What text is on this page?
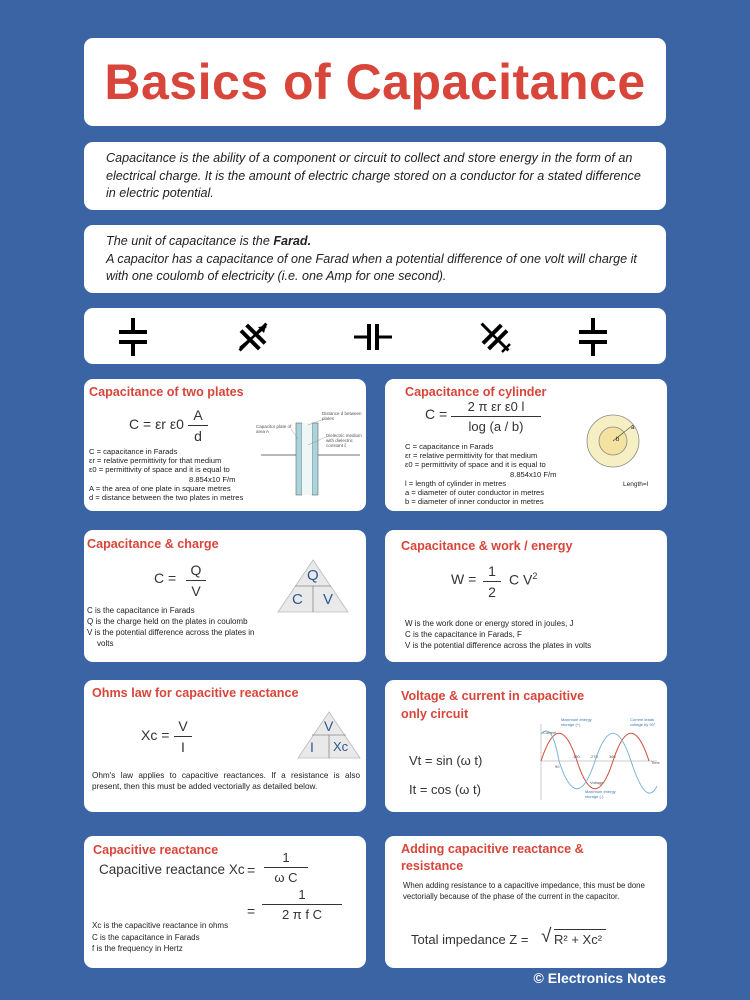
Basics of Capacitance

Capacitance is the ability of a component or circuit to collect and store energy in the form of an electrical charge. It is the amount of electric charge stored on a conductor for a stated difference in electric potential.

The unit of capacitance is the Farad.

A capacitor has a capacitance of one Farad when a potential difference of one volt will charge it with one coulomb of electricity (i.e. one Amp for one second).

Capacitance of two plates
C = εr $\varepsilon 0 \frac{A}{d}$
C = capacitance in Farads
εr = relative permittivity for that medium
ε0 = permittivity of space and it is equal to
8.854x10 F/m
A = the area of one plate in square metres
d = distance between the two plates in metres
Distance d between plates
Capacitor plate of area A
Dielectric medium with dielectric constant ξ
Capacitance of cylinder
$C = \frac{\text{2 π εr ε0 l}}{\log (a / b)}$
C = capacitance in Farads
εr = relative permittivity for that medium
ε0 = permittivity of space and it is equal to
8.854x10 F/m
l = length of cylinder in metres
a = diameter of outer conductor in metres
b = diameter of inner conductor in metres
b
a
Length=l
Capacitance & charge
$C = \frac{Q}{V}$	Q
C V
C is the capacitance in Farads
Q is the charge held on the plates in coulomb
V is the potential difference across the plates in
volts
Capacitance & work / energy
$W = \frac{1}{2}$ C $V^2$
W is the work done or energy stored in joules, J
C is the capacitance in Farads, F
V is the potential difference across the plates in volts
Ohms law for capacitive reactance
$Xc = \frac{V}{I}$	V
I Xc
Ohm's law applies to capacitive reactances. If a resistance is also present, then this must be added vectorially as detailed below.
Voltage & current in capacitive
only circuit
Vt = sin (ω t)
It = cos (ω t)
Maximum energy storage (+)
Current leads voltage by 90°
Current
Voltage
Maximum energy storage (-)
Time
90
180	270	360
Capacitive reactance
Capacitive reactance $Xc = \frac{1}{\text{ω C}}$
= $\frac{1}{\text{2 π f C}}$
Xc is the capacitive reactance in ohms
C is the capacitance in Farads
f is the frequency in Hertz
Adding capacitive reactance &
resistance
When adding resistance to a capacitive impedance, this must be done vectorially because of the phase of the current in the capacitor.
Total impedance Z = √ R² + Xc²
© Electronics Notes
